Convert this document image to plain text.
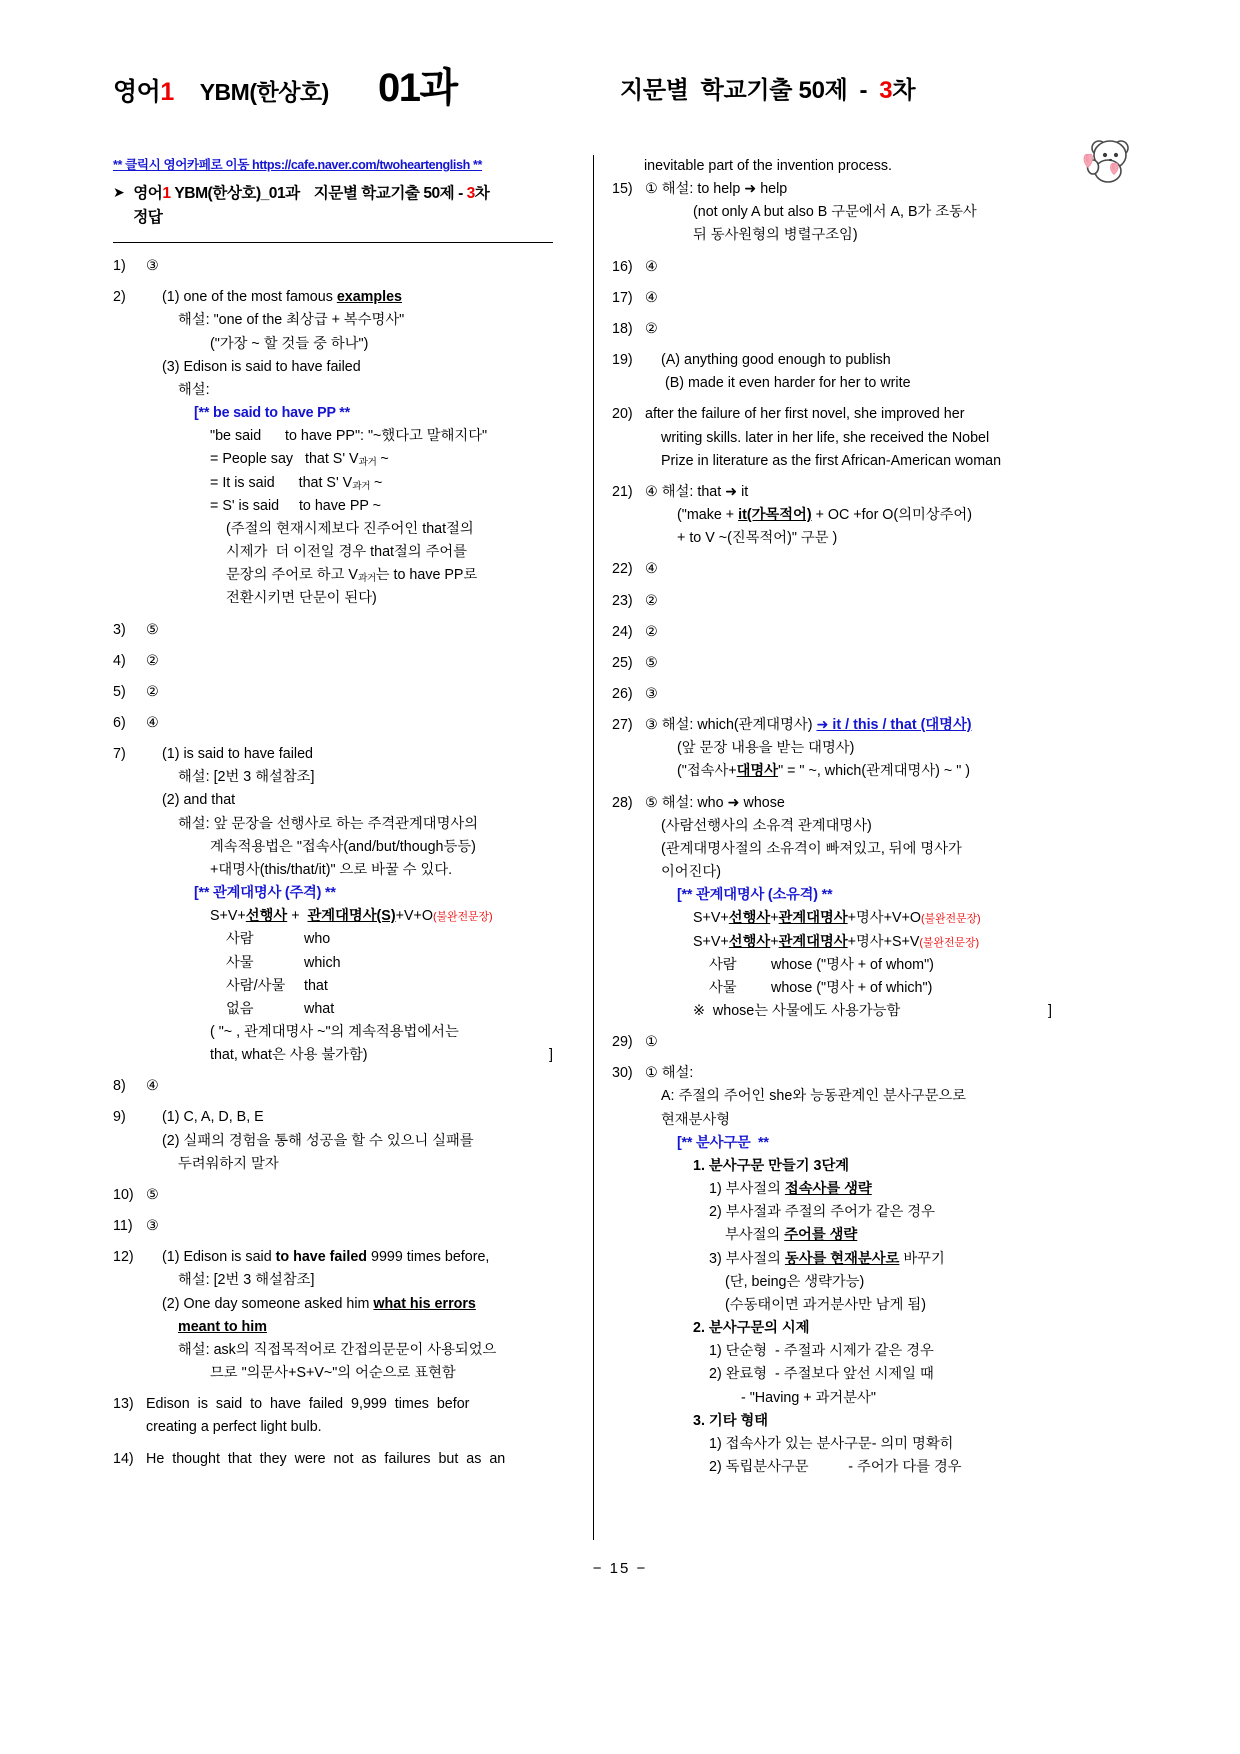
영어1 YBM(한상호) 01과	지문별 학교기출 50제 - 3차
** 클릭시 영어카페로 이동 https://cafe.naver.com/twoheartenglish **
➤ 영어1 YBM(한상호)_01과 지문별 학교기출 50제 - 3차
정답
1)	③
2)	(1) one of the most famous examples
해설: "one of the 최상급 + 복수명사"
("가장 ~ 할 것들 중 하나")
(3) Edison is said to have failed
해설:
[** be said to have PP **
"be said      to have PP": "~했다고 말해지다"
= People say   that S' $V_{과거}$ ~
= It is said      that S' $V_{과거}$ ~
= S' is said     to have PP ~
(주절의 현재시제보다 진주어인 that절의
시제가  더 이전일 경우 that절의 주어를
문장의 주어로 하고 $V_{과거}$는 to have PP로
전환시키면 단문이 된다)
3)	⑤
4)	②
5)	②
6)	④
7)	(1) is said to have failed
해설: [2번 3 해설참조]
(2) and that
해설: 앞 문장을 선행사로 하는 주격관계대명사의
계속적용법은 "접속사(and/but/though등등)
+대명사(this/that/it)" 으로 바꿀 수 있다.
[** 관계대명사 (주격) **
S+V+선행사 +  관계대명사(S)+V+O(불완전문장)
사람	who
사물	which
사람/사물 that
없음	what
( "~ , 관계대명사 ~"의 계속적용법에서는
that, what은 사용 불가함)	]
8)	④
9)	(1) C, A, D, B, E
(2) 실패의 경험을 통해 성공을 할 수 있으니 실패를
두려워하지 말자
10) ⑤
11) ③
12)	(1) Edison is said to have failed 9999 times before,
해설: [2번 3 해설참조]
(2) One day someone asked him what his errors
meant to him
해설: ask의 직접목적어로 간접의문문이 사용되었으
므로 "의문사+S+V~"의 어순으로 표현함
13) Edison  is  said  to  have  failed  9,999  times  befor
creating a perfect light bulb.
14) He  thought  that  they  were  not  as  failures  but  as  an
inevitable part of the invention process.
15) ① 해설: to help ➜ help
(not only A but also B 구문에서 A, B가 조동사
뒤 동사원형의 병렬구조임)
16) ④
17) ④
18) ②
19)	(A) anything good enough to publish
(B) made it even harder for her to write
20) after the failure of her first novel, she improved her
writing skills. later in her life, she received the Nobel
Prize in literature as the first African-American woman
21) ④ 해설: that ➜ it
("make + it(가목적어) + OC +for O(의미상주어)
+ to V ~(진목적어)" 구문 )
22) ④
23) ②
24) ②
25) ⑤
26) ③
27) ③ 해설: which(관계대명사) ➜ it / this / that (대명사)
(앞 문장 내용을 받는 대명사)
("접속사+대명사" = " ~, which(관계대명사) ~ " )
28) ⑤ 해설: who ➜ whose
(사람선행사의 소유격 관계대명사)
(관계대명사절의 소유격이 빠져있고, 뒤에 명사가
이어진다)
[** 관계대명사 (소유격) **
S+V+선행사+관계대명사+명사+V+O(불완전문장)
S+V+선행사+관계대명사+명사+S+V(불완전문장)
사람 whose ("명사 + of whom")
사물 whose ("명사 + of which")
※  whose는 사물에도 사용가능함	]
29) ①
30) ① 해설:
A: 주절의 주어인 she와 능동관계인 분사구문으로
현재분사형
[** 분사구문  **
1. 분사구문 만들기 3단계
1) 부사절의 접속사를 생략
2) 부사절과 주절의 주어가 같은 경우
부사절의 주어를 생략
3) 부사절의 동사를 현재분사로 바꾸기
(단, being은 생략가능)
(수동태이면 과거분사만 남게 됨)
2. 분사구문의 시제
1) 단순형  - 주절과 시제가 같은 경우
2) 완료형  - 주절보다 앞선 시제일 때
- "Having + 과거분사"
3. 기타 형태
1) 접속사가 있는 분사구문- 의미 명확히
2) 독립분사구문          - 주어가 다를 경우
− 15 −
